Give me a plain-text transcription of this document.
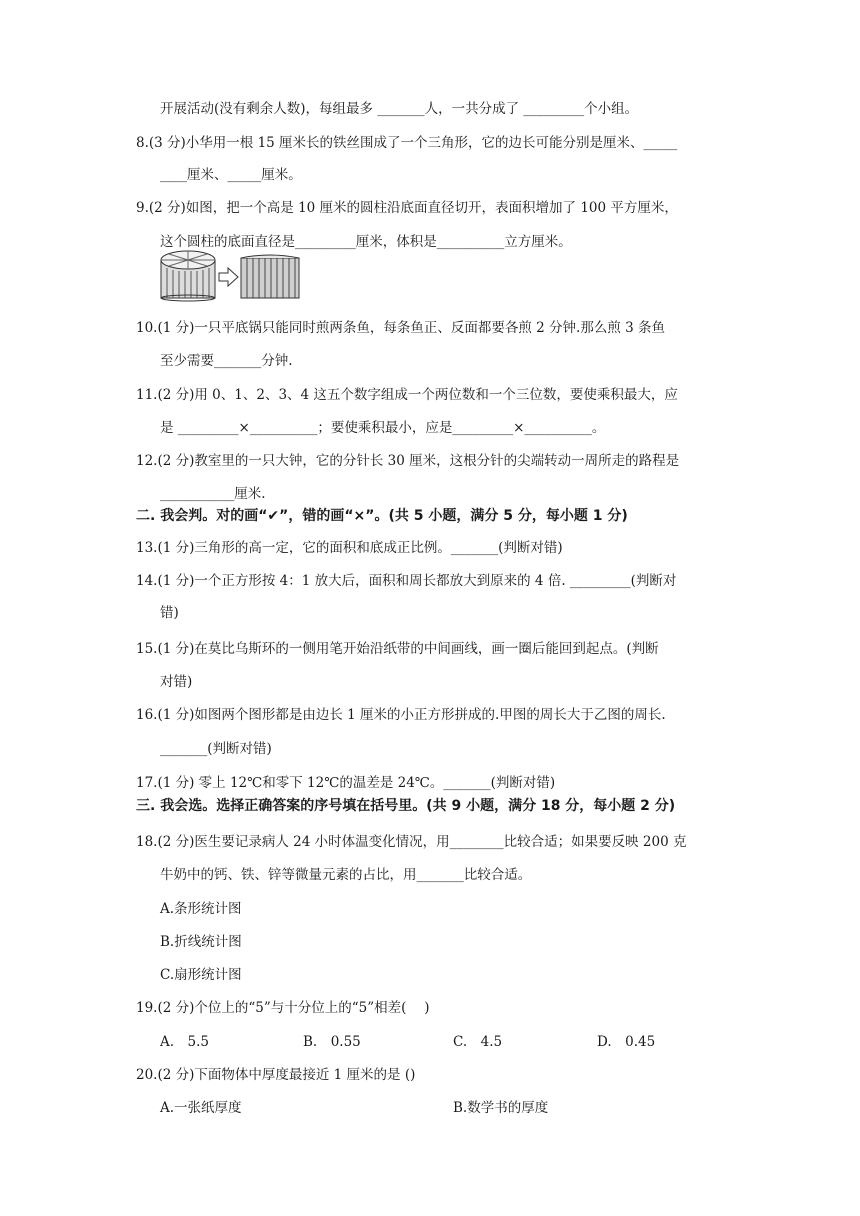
开展活动(没有剩余人数)，每组最多 _______人，一共分成了 _________个小组。
8.(3 分)小华用一根 15 厘米长的铁丝围成了一个三角形，它的边长可能分别是厘米、_____
____厘米、_____厘米。
9.(2 分)如图，把一个高是 10 厘米的圆柱沿底面直径切开，表面积增加了 100 平方厘米，
这个圆柱的底面直径是_________厘米，体积是__________立方厘米。
10.(1 分)一只平底锅只能同时煎两条鱼，每条鱼正、反面都要各煎 2 分钟.那么煎 3 条鱼
至少需要_______分钟.
11.(2 分)用 0、1、2、3、4 这五个数字组成一个两位数和一个三位数，要使乘积最大，应
是 _________×__________；要使乘积最小，应是_________×__________。
12.(2 分)教室里的一只大钟，它的分针长 30 厘米，这根分针的尖端转动一周所走的路程是
___________厘米.
二. 我会判。对的画“✔”，错的画“×”。(共 5 小题，满分 5 分，每小题 1 分)
13.(1 分)三角形的高一定，它的面积和底成正比例。_______(判断对错)
14.(1 分)一个正方形按 4：1 放大后，面积和周长都放大到原来的 4 倍. _________(判断对
错)
15.(1 分)在莫比乌斯环的一侧用笔开始沿纸带的中间画线，画一圈后能回到起点。(判断
对错)
16.(1 分)如图两个图形都是由边长 1 厘米的小正方形拼成的.甲图的周长大于乙图的周长.
_______(判断对错)
17.(1 分) 零上 12℃和零下 12℃的温差是 24℃。_______(判断对错)
三. 我会选。选择正确答案的序号填在括号里。(共 9 小题，满分 18 分，每小题 2 分)
18.(2 分)医生要记录病人 24 小时体温变化情况，用________比较合适；如果要反映 200 克
牛奶中的钙、铁、锌等微量元素的占比，用_______比较合适。
A.条形统计图
B.折线统计图
C.扇形统计图
19.(2 分)个位上的“5”与十分位上的“5”相差(　 )
A.　5.5	B.　0.55	C.　4.5	D.　0.45
20.(2 分)下面物体中厚度最接近 1 厘米的是 ()
A.一张纸厚度	B.数学书的厚度
